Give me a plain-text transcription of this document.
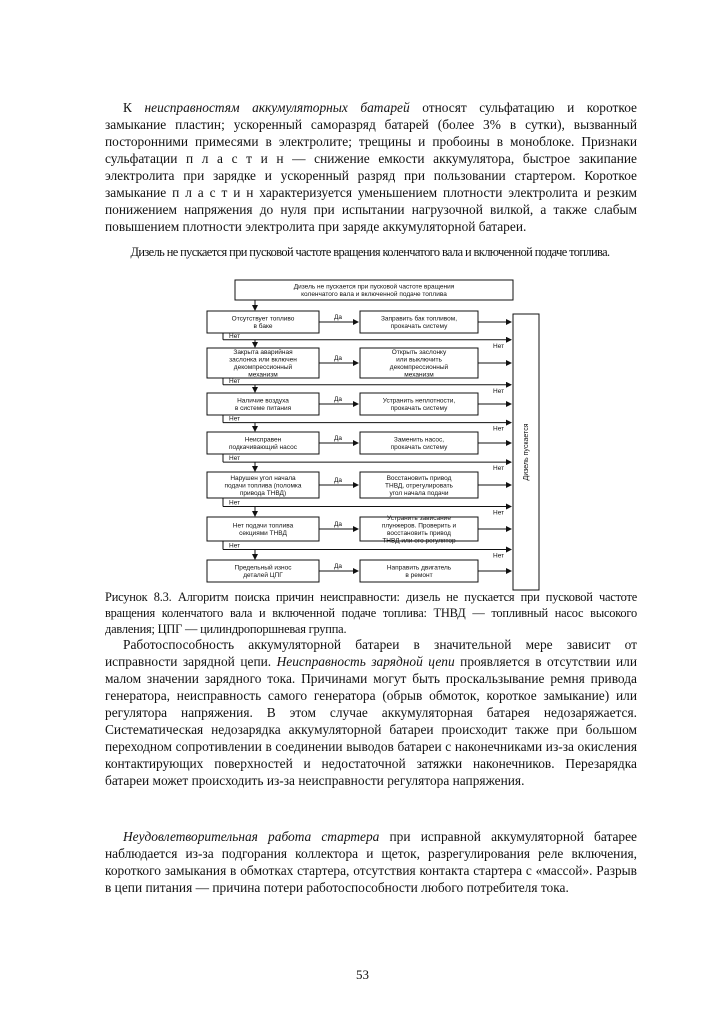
К неисправностям аккумуляторных батарей относят сульфатацию и короткое замыкание пластин; ускоренный саморазряд батарей (более 3% в сутки), вызванный посторонними примесями в электролите; трещины и пробоины в моноблоке. Признаки сульфатации п л а с т и н — снижение емкости аккумулятора, быстрое закипание электролита при зарядке и ускоренный разряд при пользовании стартером. Короткое замыкание п л а с т и н характеризуется уменьшением плотности электролита и резким понижением напряжения до нуля при испытании нагрузочной вилкой, а также слабым повышением плотности электролита при заряде аккумуляторной батареи.

Дизель не пускается при пусковой частоте вращения коленчатого вала и включенной подаче топлива.

Дизель не пускается при пусковой частоте вращения
коленчатого вала и включенной подаче топлива
Дизель пускается
Отсутствует топливо
в баке
Заправить бак топливом,
прокачать систему
Да
Нет
Нет
Закрыта аварийная
заслонка или включен
декомпрессионный
механизм
Открыть заслонку
или выключить
декомпрессионный
механизм
Да
Нет
Нет
Наличие воздуха
в системе питания
Устранить неплотности,
прокачать систему
Да
Нет
Нет
Неисправен
подкачивающий насос
Заменить насос,
прокачать систему
Да
Нет
Нет
Нарушен угол начала
подачи топлива (поломка
привода ТНВД)
Восстановить привод
ТНВД, отрегулировать
угол начала подачи
Да
Нет
Нет
Нет подачи топлива
секциями ТНВД
Устранить зависание
плунжеров. Проверить и
восстановить привод
ТНВД или его регулятор
Да
Нет
Нет
Предельный износ
деталей ЦПГ
Направить двигатель
в ремонт
Да

Рисунок 8.3. Алгоритм поиска причин неисправности: дизель не пускается при пусковой частоте вращения коленчатого вала и включенной подаче топлива: ТНВД — топливный насос высокого давления; ЦПГ — цилиндропоршневая группа.

Работоспособность аккумуляторной батареи в значительной мере зависит от исправности зарядной цепи. Неисправность зарядной цепи проявляется в отсутствии или малом значении зарядного тока. Причинами могут быть проскальзывание ремня привода генератора, неисправность самого генератора (обрыв обмоток, короткое замыкание) или регулятора напряжения. В этом случае аккумуляторная батарея недозаряжается. Систематическая недозарядка аккумуляторной батареи происходит также при большом переходном сопротивлении в соединении выводов батареи с наконечниками из-за окисления контактирующих поверхностей и недостаточной затяжки наконечников. Перезарядка батареи может происходить из-за неисправности регулятора напряжения.

Неудовлетворительная работа стартера при исправной аккумуляторной батарее наблюдается из-за подгорания коллектора и щеток, разрегулирования реле включения, короткого замыкания в обмотках стартера, отсутствия контакта стартера с «массой». Разрыв в цепи питания — причина потери работоспособности любого потребителя тока.

53
